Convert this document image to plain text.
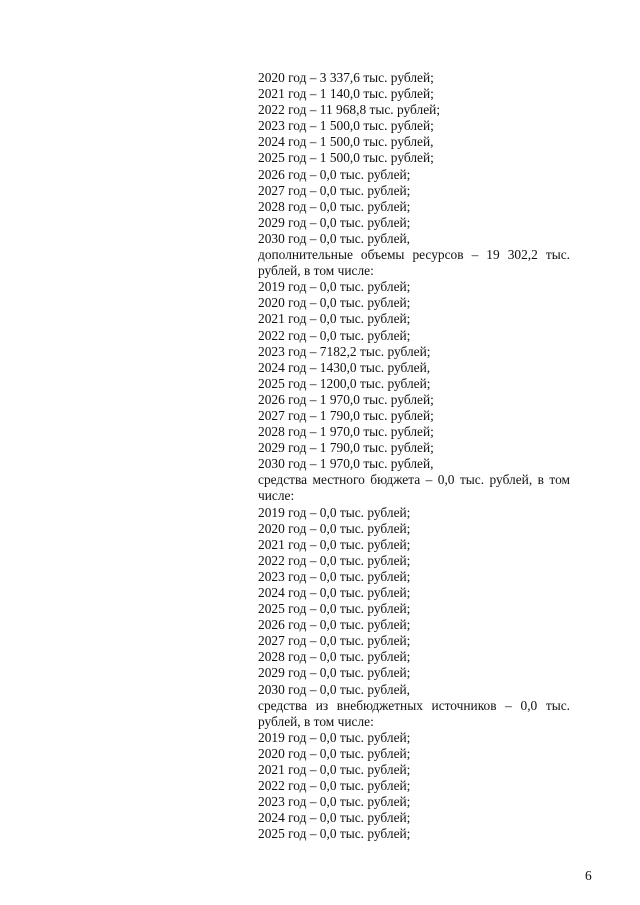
2020 год – 3 337,6 тыс. рублей;
2021 год – 1 140,0 тыс. рублей;
2022 год – 11 968,8 тыс. рублей;
2023 год – 1 500,0 тыс. рублей;
2024 год – 1 500,0 тыс. рублей,
2025 год – 1 500,0 тыс. рублей;
2026 год – 0,0 тыс. рублей;
2027 год – 0,0 тыс. рублей;
2028 год – 0,0 тыс. рублей;
2029 год – 0,0 тыс. рублей;
2030 год – 0,0 тыс. рублей,
дополнительные объемы ресурсов – 19 302,2 тыс. рублей, в том числе:
2019 год – 0,0 тыс. рублей;
2020 год – 0,0 тыс. рублей;
2021 год – 0,0 тыс. рублей;
2022 год – 0,0 тыс. рублей;
2023 год – 7182,2 тыс. рублей;
2024 год – 1430,0 тыс. рублей,
2025 год – 1200,0 тыс. рублей;
2026 год – 1 970,0 тыс. рублей;
2027 год – 1 790,0 тыс. рублей;
2028 год – 1 970,0 тыс. рублей;
2029 год – 1 790,0 тыс. рублей;
2030 год – 1 970,0 тыс. рублей,
средства местного бюджета – 0,0 тыс. рублей, в том числе:
2019 год – 0,0 тыс. рублей;
2020 год – 0,0 тыс. рублей;
2021 год – 0,0 тыс. рублей;
2022 год – 0,0 тыс. рублей;
2023 год – 0,0 тыс. рублей;
2024 год – 0,0 тыс. рублей;
2025 год – 0,0 тыс. рублей;
2026 год – 0,0 тыс. рублей;
2027 год – 0,0 тыс. рублей;
2028 год – 0,0 тыс. рублей;
2029 год – 0,0 тыс. рублей;
2030 год – 0,0 тыс. рублей,
средства из внебюджетных источников – 0,0 тыс. рублей, в том числе:
2019 год – 0,0 тыс. рублей;
2020 год – 0,0 тыс. рублей;
2021 год – 0,0 тыс. рублей;
2022 год – 0,0 тыс. рублей;
2023 год – 0,0 тыс. рублей;
2024 год – 0,0 тыс. рублей;
2025 год – 0,0 тыс. рублей;
6
